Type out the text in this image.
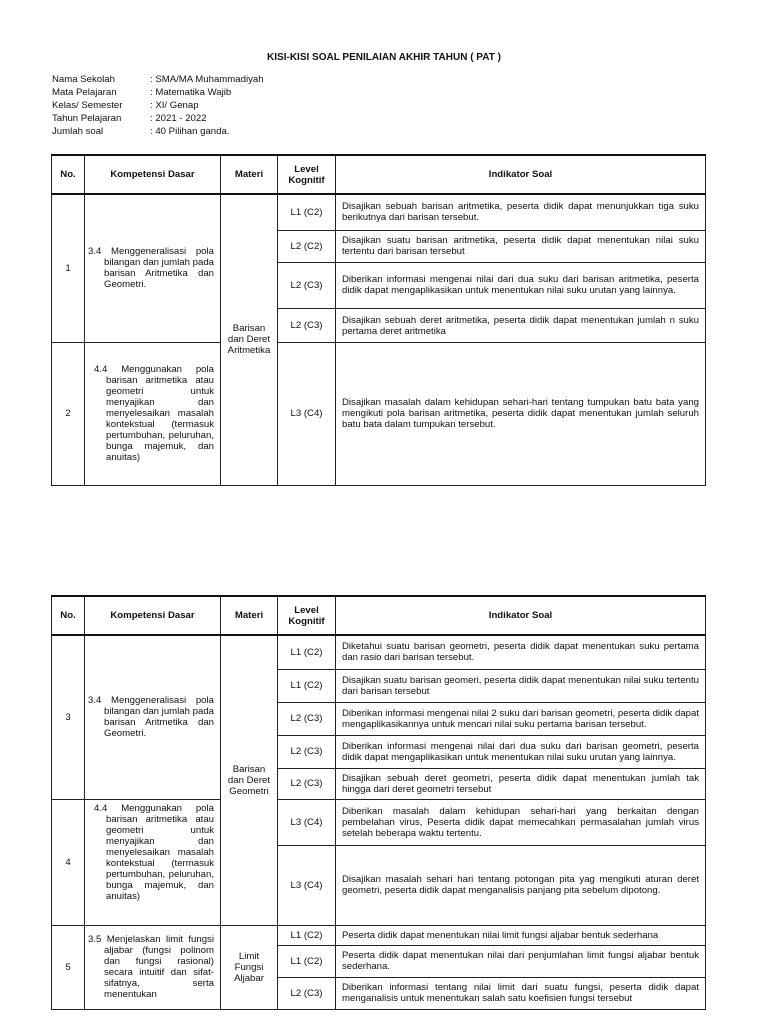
KISI-KISI SOAL PENILAIAN AKHIR TAHUN ( PAT )
Nama Sekolah	: SMA/MA Muhammadiyah
Mata Pelajaran	: Matematika Wajib
Kelas/ Semester	: XI/ Genap
Tahun Pelajaran	: 2021 - 2022
Jumlah soal	: 40 Pilihan ganda.
No.	Kompetensi Dasar	Materi	Level Kognitif	Indikator Soal
1	3.4 Menggeneralisasi pola bilangan dan jumlah pada barisan Aritmetika dan Geometri.	Barisan dan Deret Aritmetika	L1 (C2)	Disajikan sebuah barisan aritmetika, peserta didik dapat menunjukkan tiga suku berikutnya dari barisan tersebut.
			L2 (C2)	Disajikan suatu barisan aritmetika, peserta didik dapat menentukan nilai suku tertentu dari barisan tersebut
			L2 (C3)	Diberikan informasi mengenai nilai dari dua suku dari barisan aritmetika, peserta didik dapat mengaplikasikan untuk menentukan nilai suku urutan yang lainnya.
			L2 (C3)	Disajikan sebuah deret aritmetika, peserta didik dapat menentukan jumlah n suku pertama deret aritmetika
2	4.4 Menggunakan pola barisan aritmetika atau geometri untuk menyajikan dan menyelesaikan masalah kontekstual (termasuk pertumbuhan, peluruhan, bunga majemuk, dan anuitas)		L3 (C4)	Disajikan masalah dalam kehidupan sehari-hari tentang tumpukan batu bata yang mengikuti pola barisan aritmetika, peserta didik dapat menentukan jumlah seluruh batu bata dalam tumpukan tersebut.
No.	Kompetensi Dasar	Materi	Level Kognitif	Indikator Soal
3	3.4 Menggeneralisasi pola bilangan dan jumlah pada barisan Aritmetika dan Geometri.	Barisan dan Deret Geometri	L1 (C2)	Diketahui suatu barisan geometri, peserta didik dapat menentukan suku pertama dan rasio dari barisan tersebut.
			L1 (C2)	Disajikan suatu barisan geomeri, peserta didik dapat menentukan nilai suku tertentu dari barisan tersebut
			L2 (C3)	Diberikan informasi mengenai nilai 2 suku dari barisan geometri, peserta didik dapat mengaplikasikannya untuk mencari nilai suku pertama barisan tersebut.
			L2 (C3)	Diberikan informasi mengenai nilai dari dua suku dari barisan geometri, peserta didik dapat mengaplikasikan untuk menentukan nilai suku urutan yang lainnya.
			L2 (C3)	Disajikan sebuah deret geometri, peserta didik dapat menentukan jumlah tak hingga dari deret geometri tersebut
4	4.4 Menggunakan pola barisan aritmetika atau geometri untuk menyajikan dan menyelesaikan masalah kontekstual (termasuk pertumbuhan, peluruhan, bunga majemuk, dan anuitas)		L3 (C4)	Diberikan masalah dalam kehidupan sehari-hari yang berkaitan dengan pembelahan virus, Peserta didik dapat memecahkan permasalahan jumlah virus setelah beberapa waktu tertentu.
			L3 (C4)	Disajikan masalah sehari hari tentang potongan pita yag mengikuti aturan deret geometri, peserta didik dapat menganalisis panjang pita sebelum dipotong.
5	3.5 Menjelaskan limit fungsi aljabar (fungsi polinom dan fungsi rasional) secara intuitif dan sifat-sifatnya, serta menentukan	Limit Fungsi Aljabar	L1 (C2)	Peserta didik dapat menentukan nilai limit fungsi aljabar bentuk sederhana
			L1 (C2)	Peserta didik dapat menentukan nilai dari penjumlahan limit fungsi aljabar bentuk sederhana.
			L2 (C3)	Diberikan informasi tentang nilai limit dari suatu fungsi, peserta didik dapat menganalisis untuk menentukan salah satu koefisien fungsi tersebut
